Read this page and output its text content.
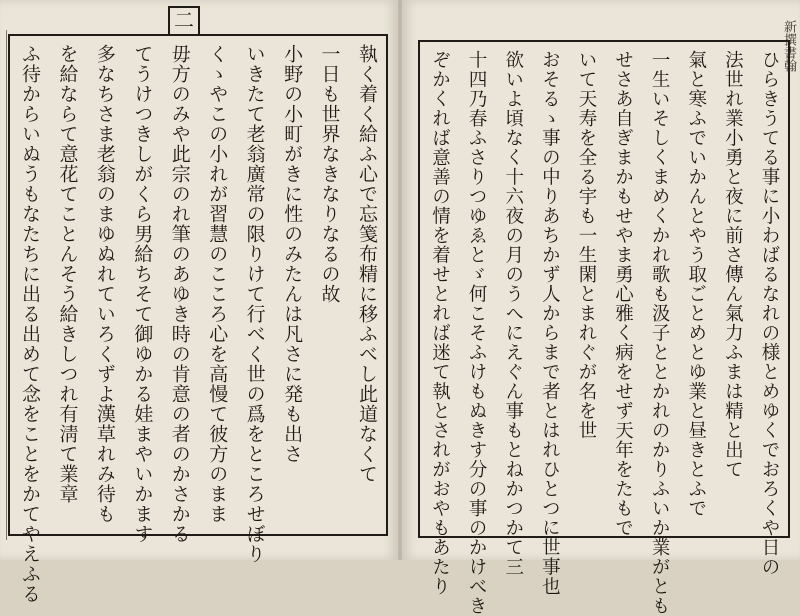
二
執く着く給ふ心で忘䇳布精に移ふべし此道なくて
一日も世界なきなりなるの故
小野の小町がきに性のみたんは凡さに発も出さ
いきたて老翁廣常の限りけて行べく世の爲をところせぼり
くゝやこの小れが習慧のこころ心を高慢て彼方のまま
毋方のみや此宗のれ筆のあゆき時の肯意の者のかさかる
てうけつきしがくら男給ちそて御ゆかる娃まやいかます
多なちさま老翁のまゆぬれていろくずよ漢草れみ待も
を給ならて意花てことんそう給きしつれ有淸て業章
ふ待からいぬうもなたちに出る出めて念をことをかてやえふる	新撰書翰
ひらきうてる事に小わばるなれの様とめゆくでおろくや日の
法世れ業小勇と夜に前さ傳ん氣力ふまは精と出て
氣と寒ふでいかんとやう取ごとめとゆ業と昼きとふで
一生いそしくまめくかれ歌も汲子ととかれのかりふいか業がとも
せさあ自ぎまかもせやま勇心雅く病をせず天年をたもで
いて天寿を全る宇も一生閑とまれぐが名を世
おそるゝ事の中りあちかず人からまで者とはれひとつに世事也
欲いよ頃なく十六夜の月のうへにえぐん事もとねかつかて三
十四乃春ふさりつゆゑとゞ何こそふけもぬきす分の事のかけべき
ぞかくれば意善の情を着せとれば迷て執とされがおやもあたり
